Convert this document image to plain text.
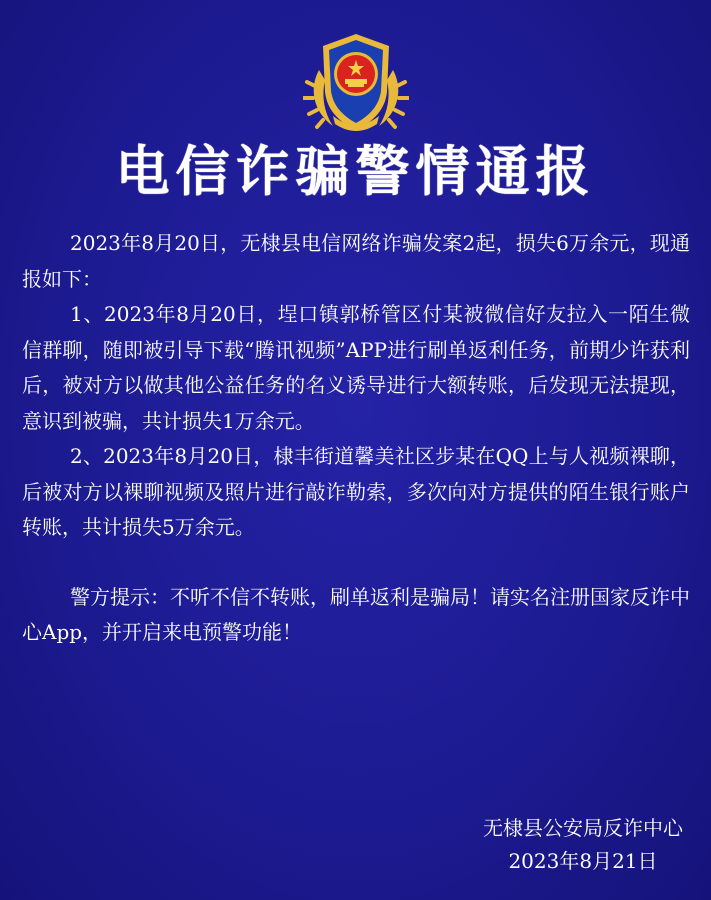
电信诈骗警情通报

2023年8月20日，无棣县电信网络诈骗发案2起，损失6万余元，现通报如下：

1、2023年8月20日，埕口镇郭桥管区付某被微信好友拉入一陌生微信群聊，随即被引导下载“腾讯视频”APP进行刷单返利任务，前期少许获利后，被对方以做其他公益任务的名义诱导进行大额转账，后发现无法提现，意识到被骗，共计损失1万余元。

2、2023年8月20日，棣丰街道馨美社区步某在QQ上与人视频裸聊，后被对方以裸聊视频及照片进行敲诈勒索，多次向对方提供的陌生银行账户转账，共计损失5万余元。

警方提示：不听不信不转账，刷单返利是骗局！请实名注册国家反诈中心App，并开启来电预警功能！

无棣县公安局反诈中心
2023年8月21日
